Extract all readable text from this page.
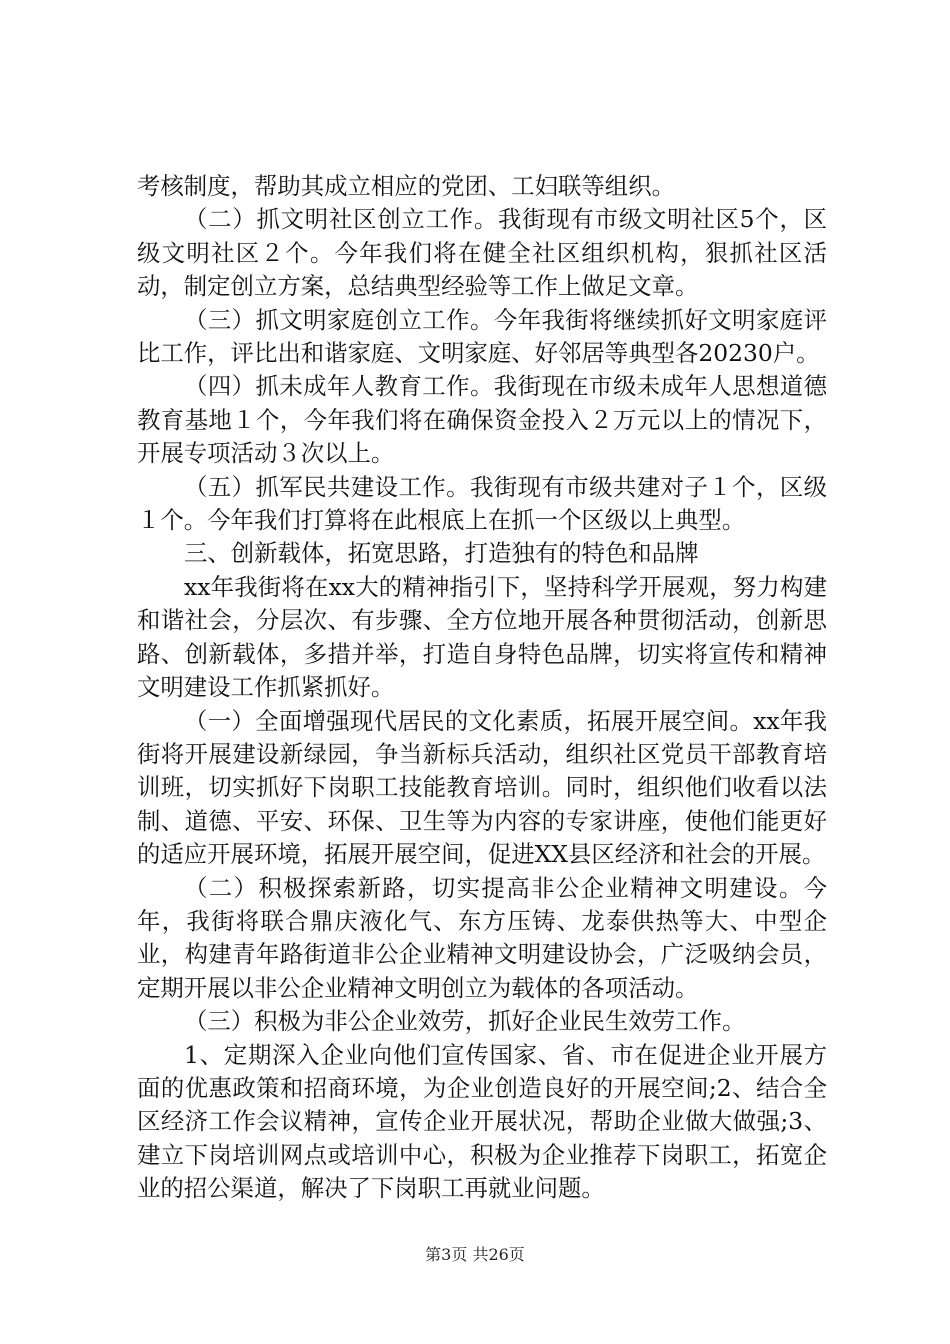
考核制度，帮助其成立相应的党团、工妇联等组织。

（二）抓文明社区创立工作。我街现有市级文明社区5个，区级文明社区２个。今年我们将在健全社区组织机构，狠抓社区活动，制定创立方案，总结典型经验等工作上做足文章。

（三）抓文明家庭创立工作。今年我街将继续抓好文明家庭评比工作，评比出和谐家庭、文明家庭、好邻居等典型各20230户。

（四）抓未成年人教育工作。我街现在市级未成年人思想道德教育基地１个，今年我们将在确保资金投入２万元以上的情况下，开展专项活动３次以上。

（五）抓军民共建设工作。我街现有市级共建对子１个，区级１个。今年我们打算将在此根底上在抓一个区级以上典型。

三、创新载体，拓宽思路，打造独有的特色和品牌

xx年我街将在xx大的精神指引下，坚持科学开展观，努力构建和谐社会，分层次、有步骤、全方位地开展各种贯彻活动，创新思路、创新载体，多措并举，打造自身特色品牌，切实将宣传和精神文明建设工作抓紧抓好。

（一）全面增强现代居民的文化素质，拓展开展空间。xx年我街将开展建设新绿园，争当新标兵活动，组织社区党员干部教育培训班，切实抓好下岗职工技能教育培训。同时，组织他们收看以法制、道德、平安、环保、卫生等为内容的专家讲座，使他们能更好的适应开展环境，拓展开展空间，促进XX县区经济和社会的开展。

（二）积极探索新路，切实提高非公企业精神文明建设。今年，我街将联合鼎庆液化气、东方压铸、龙泰供热等大、中型企业，构建青年路街道非公企业精神文明建设协会，广泛吸纳会员，定期开展以非公企业精神文明创立为载体的各项活动。

（三）积极为非公企业效劳，抓好企业民生效劳工作。

1、定期深入企业向他们宣传国家、省、市在促进企业开展方面的优惠政策和招商环境，为企业创造良好的开展空间;2、结合全区经济工作会议精神，宣传企业开展状况，帮助企业做大做强;3、建立下岗培训网点或培训中心，积极为企业推荐下岗职工，拓宽企业的招公渠道，解决了下岗职工再就业问题。

第3页 共26页
